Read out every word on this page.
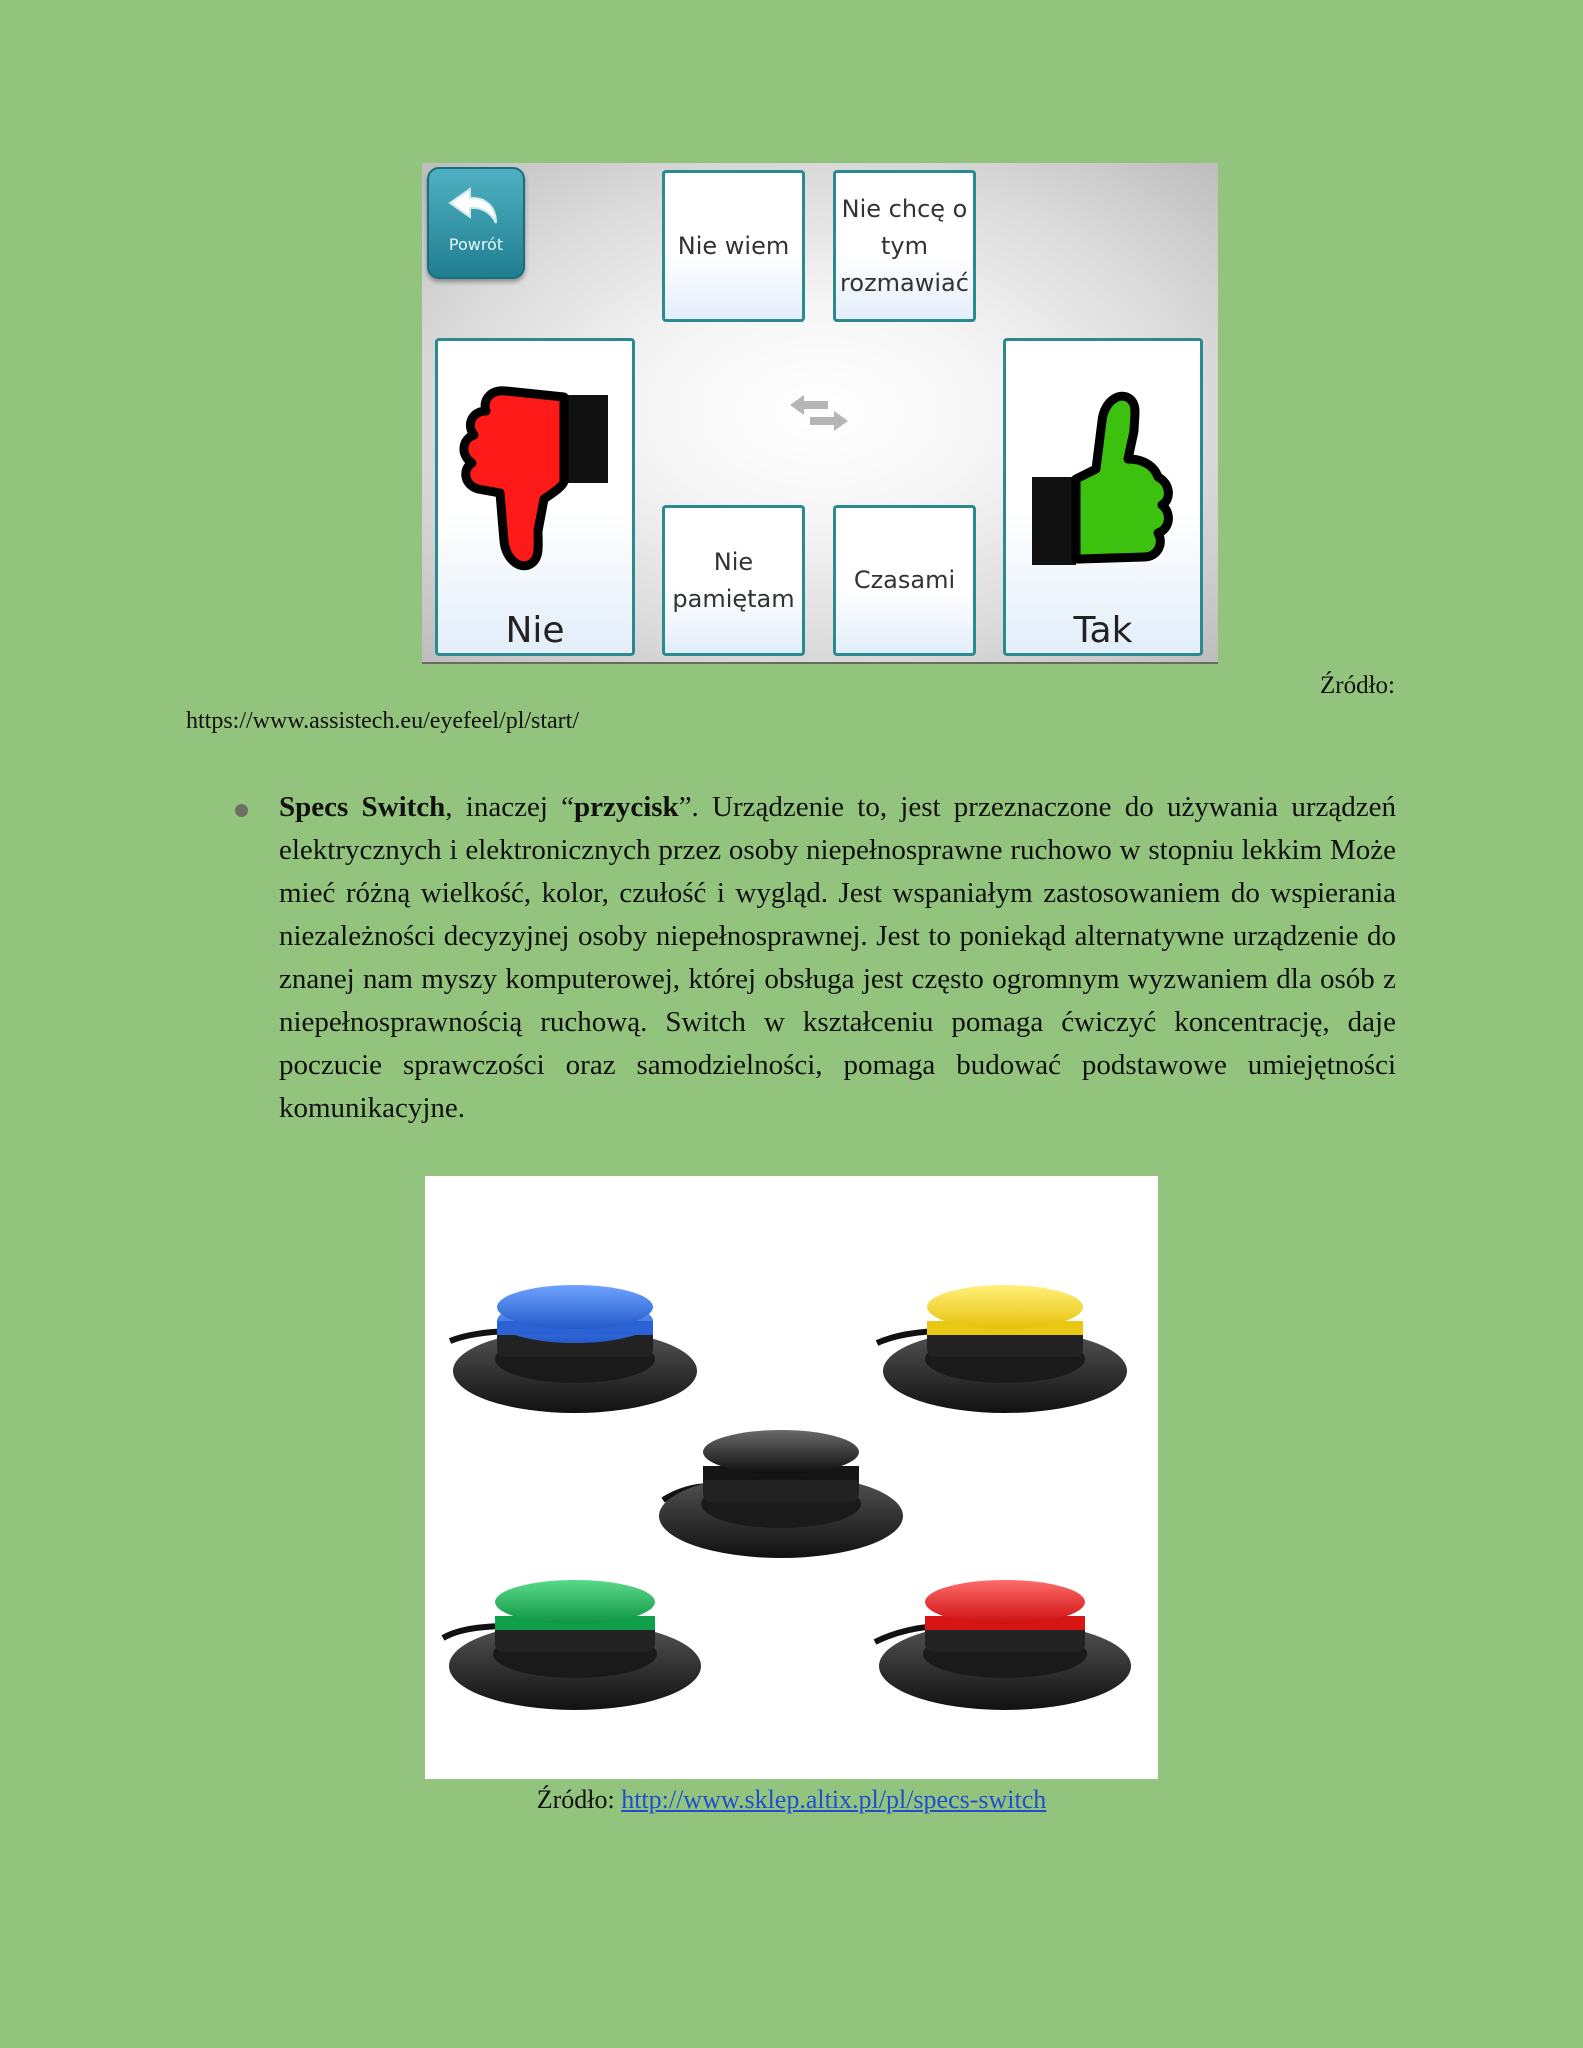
Powrót	Nie wiem
Nie chcę o
tym
rozmawiać
Nie	Tak
Nie
pamiętam
Czasami
Źródło:
https://www.assistech.eu/eyefeel/pl/start/

Specs Switch, inaczej “przycisk”. Urządzenie to, jest przeznaczone do używania urządzeń elektrycznych i elektronicznych przez osoby niepełnosprawne ruchowo w stopniu lekkim Może mieć różną wielkość, kolor, czułość i wygląd. Jest wspaniałym zastosowaniem do wspierania niezależności decyzyjnej osoby niepełnosprawnej. Jest to poniekąd alternatywne urządzenie do znanej nam myszy komputerowej, której obsługa jest często ogromnym wyzwaniem dla osób z niepełnosprawnością ruchową. Switch w kształceniu pomaga ćwiczyć koncentrację, daje poczucie sprawczości oraz samodzielności, pomaga budować podstawowe umiejętności komunikacyjne.

Źródło: http://www.sklep.altix.pl/pl/specs-switch
